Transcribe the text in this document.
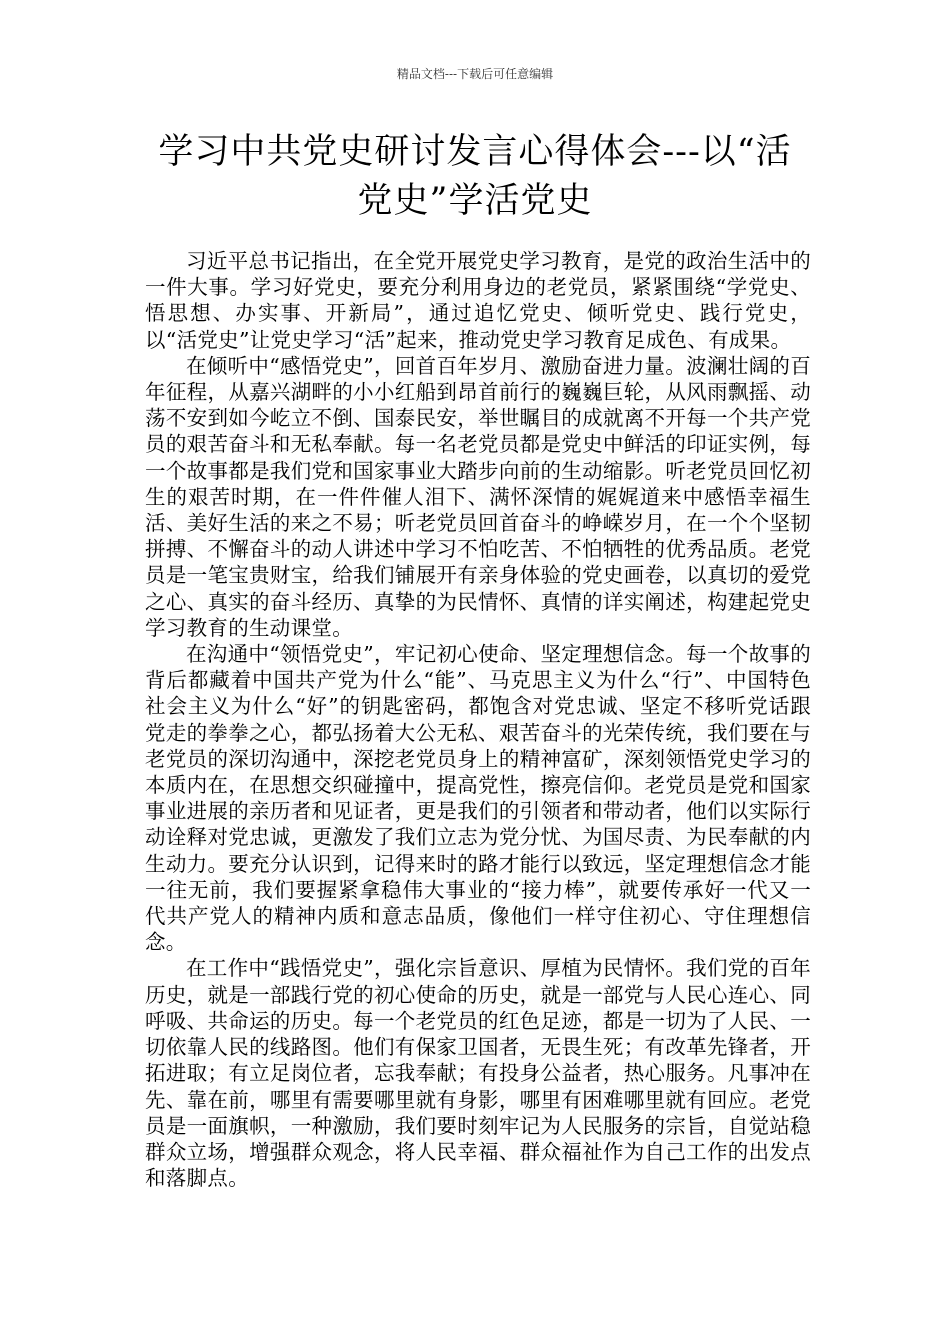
精品文档---下载后可任意编辑
学习中共党史研讨发言心得体会---以“活党史”学活党史

习近平总书记指出，在全党开展党史学习教育，是党的政治生活中的一件大事。学习好党史，要充分利用身边的老党员，紧紧围绕“学党史、悟思想、办实事、开新局”，通过追忆党史、倾听党史、践行党史，以“活党史”让党史学习“活”起来，推动党史学习教育足成色、有成果。

在倾听中“感悟党史”，回首百年岁月、激励奋进力量。波澜壮阔的百年征程，从嘉兴湖畔的小小红船到昂首前行的巍巍巨轮，从风雨飘摇、动荡不安到如今屹立不倒、国泰民安，举世瞩目的成就离不开每一个共产党员的艰苦奋斗和无私奉献。每一名老党员都是党史中鲜活的印证实例，每一个故事都是我们党和国家事业大踏步向前的生动缩影。听老党员回忆初生的艰苦时期，在一件件催人泪下、满怀深情的娓娓道来中感悟幸福生活、美好生活的来之不易；听老党员回首奋斗的峥嵘岁月，在一个个坚韧拼搏、不懈奋斗的动人讲述中学习不怕吃苦、不怕牺牲的优秀品质。老党员是一笔宝贵财宝，给我们铺展开有亲身体验的党史画卷，以真切的爱党之心、真实的奋斗经历、真挚的为民情怀、真情的详实阐述，构建起党史学习教育的生动课堂。

在沟通中“领悟党史”，牢记初心使命、坚定理想信念。每一个故事的背后都藏着中国共产党为什么“能”、马克思主义为什么“行”、中国特色社会主义为什么“好”的钥匙密码，都饱含对党忠诚、坚定不移听党话跟党走的拳拳之心，都弘扬着大公无私、艰苦奋斗的光荣传统，我们要在与老党员的深切沟通中，深挖老党员身上的精神富矿，深刻领悟党史学习的本质内在，在思想交织碰撞中，提高党性，擦亮信仰。老党员是党和国家事业进展的亲历者和见证者，更是我们的引领者和带动者，他们以实际行动诠释对党忠诚，更激发了我们立志为党分忧、为国尽责、为民奉献的内生动力。要充分认识到，记得来时的路才能行以致远，坚定理想信念才能一往无前，我们要握紧拿稳伟大事业的“接力棒”，就要传承好一代又一代共产党人的精神内质和意志品质，像他们一样守住初心、守住理想信念。

在工作中“践悟党史”，强化宗旨意识、厚植为民情怀。我们党的百年历史，就是一部践行党的初心使命的历史，就是一部党与人民心连心、同呼吸、共命运的历史。每一个老党员的红色足迹，都是一切为了人民、一切依靠人民的线路图。他们有保家卫国者，无畏生死；有改革先锋者，开拓进取；有立足岗位者，忘我奉献；有投身公益者，热心服务。凡事冲在先、靠在前，哪里有需要哪里就有身影，哪里有困难哪里就有回应。老党员是一面旗帜，一种激励，我们要时刻牢记为人民服务的宗旨，自觉站稳群众立场，增强群众观念，将人民幸福、群众福祉作为自己工作的出发点和落脚点。
